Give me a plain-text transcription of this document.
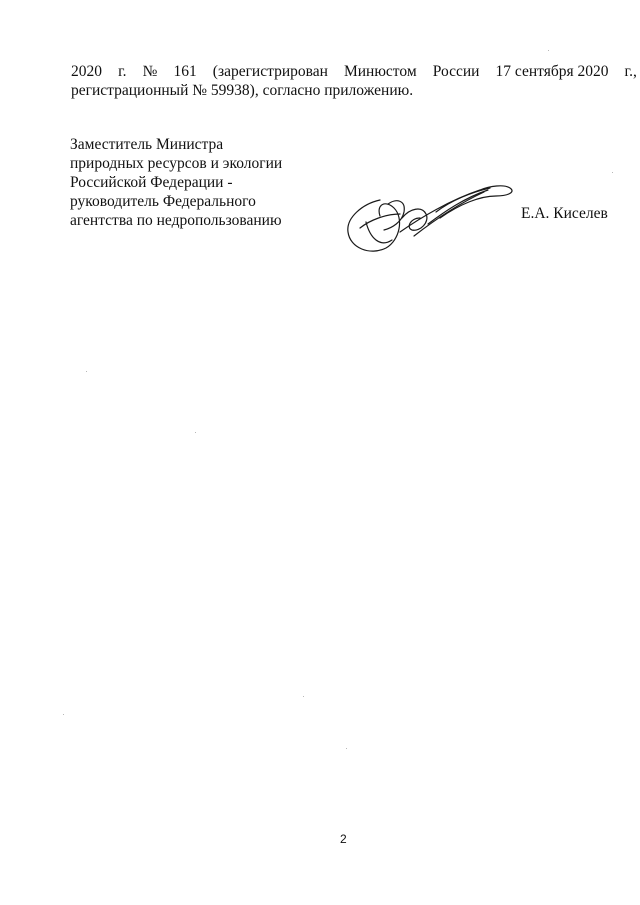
2020 г. № 161 (зарегистрирован Минюстом России 17 сентября 2020 г.,
регистрационный № 59938), согласно приложению.
Заместитель Министра
природных ресурсов и экологии
Российской Федерации -
руководитель Федерального
агентства по недропользованию	Е.А. Киселев
2
